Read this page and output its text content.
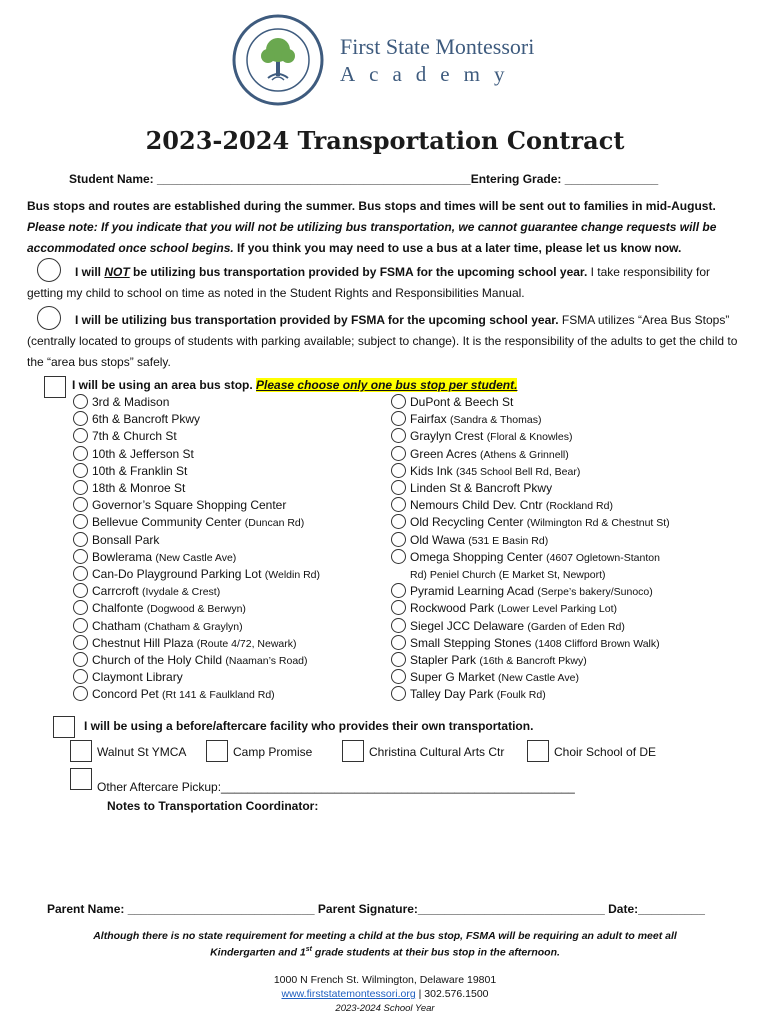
First State Montessori
Academy
2023-2024 Transportation Contract
Student Name: _______________________________________________Entering Grade: ______________
Bus stops and routes are established during the summer. Bus stops and times will be sent out to families in mid-August. Please note: If you indicate that you will not be utilizing bus transportation, we cannot guarantee change requests will be accommodated once school begins. If you think you may need to use a bus at a later time, please let us know now.
I will NOT be utilizing bus transportation provided by FSMA for the upcoming school year. I take responsibility for getting my child to school on time as noted in the Student Rights and Responsibilities Manual.
I will be utilizing bus transportation provided by FSMA for the upcoming school year. FSMA utilizes “Area Bus Stops” (centrally located to groups of students with parking available; subject to change). It is the responsibility of the adults to get the child to the “area bus stops” safely.
I will be using an area bus stop. Please choose only one bus stop per student.
3rd & Madison
6th & Bancroft Pkwy
7th & Church St
10th & Jefferson St
10th & Franklin St
18th & Monroe St
Governor’s Square Shopping Center
Bellevue Community Center (Duncan Rd)
Bonsall Park
Bowlerama (New Castle Ave)
Can-Do Playground Parking Lot (Weldin Rd)
Carrcroft (Ivydale & Crest)
Chalfonte (Dogwood & Berwyn)
Chatham (Chatham & Graylyn)
Chestnut Hill Plaza (Route 4/72, Newark)
Church of the Holy Child (Naaman’s Road)
Claymont Library
Concord Pet (Rt 141 & Faulkland Rd)
DuPont & Beech St
Fairfax (Sandra & Thomas)
Graylyn Crest (Floral & Knowles)
Green Acres (Athens & Grinnell)
Kids Ink (345 School Bell Rd, Bear)
Linden St & Bancroft Pkwy
Nemours Child Dev. Cntr (Rockland Rd)
Old Recycling Center (Wilmington Rd & Chestnut St)
Old Wawa (531 E Basin Rd)
Omega Shopping Center (4607 Ogletown-Stanton
Rd) Peniel Church (E Market St, Newport)
Pyramid Learning Acad (Serpe’s bakery/Sunoco)
Rockwood Park (Lower Level Parking Lot)
Siegel JCC Delaware (Garden of Eden Rd)
Small Stepping Stones (1408 Clifford Brown Walk)
Stapler Park (16th & Bancroft Pkwy)
Super G Market (New Castle Ave)
Talley Day Park (Foulk Rd)
I will be using a before/aftercare facility who provides their own transportation.
Walnut St YMCA	Camp Promise	Christina Cultural Arts Ctr	Choir School of DE
Other Aftercare Pickup:_____________________________________________________
Notes to Transportation Coordinator:
Parent Name: ____________________________ Parent Signature:____________________________ Date:__________
Although there is no state requirement for meeting a child at the bus stop, FSMA will be requiring an adult to meet all
Kindergarten and 1st grade students at their bus stop in the afternoon.
1000 N French St. Wilmington, Delaware 19801
www.firststatemontessori.org | 302.576.1500
2023-2024 School Year
